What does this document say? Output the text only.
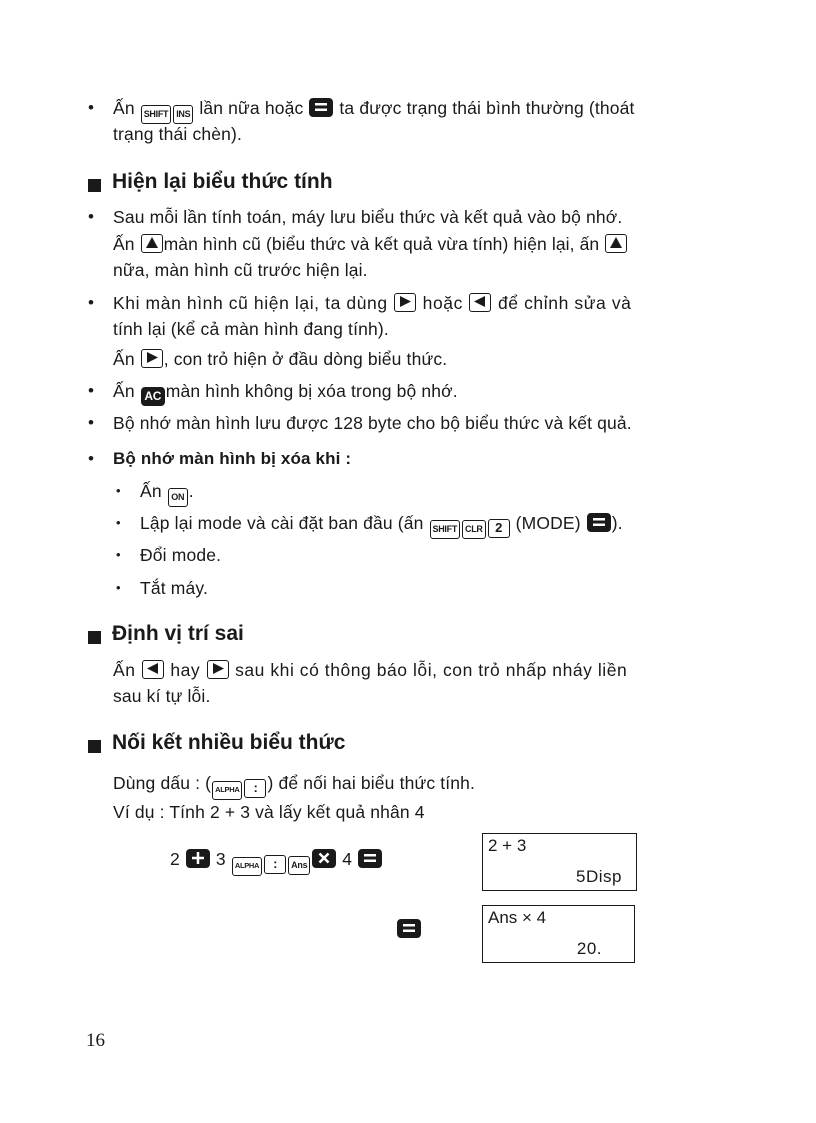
• Ấn SHIFT INS lần nữa hoặc ta được trạng thái bình thường (thoát
trạng thái chèn).
Hiện lại biểu thức tính
• Sau mỗi lần tính toán, máy lưu biểu thức và kết quả vào bộ nhớ.
Ấn màn hình cũ (biểu thức và kết quả vừa tính) hiện lại, ấn
nữa, màn hình cũ trước hiện lại.
• Khi màn hình cũ hiện lại, ta dùng hoặc để chỉnh sửa và
tính lại (kể cả màn hình đang tính).
Ấn , con trỏ hiện ở đầu dòng biểu thức.
• Ấn AC màn hình không bị xóa trong bộ nhớ.
• Bộ nhớ màn hình lưu được 128 byte cho bộ biểu thức và kết quả.
• Bộ nhớ màn hình bị xóa khi :
• Ấn ON .
• Lập lại mode và cài đặt ban đầu (ấn SHIFT CLR 2 (MODE) ).
• Đổi mode.
• Tắt máy.
Định vị trí sai
Ấn hay sau khi có thông báo lỗi, con trỏ nhấp nháy liền
sau kí tự lỗi.
Nối kết nhiều biểu thức
Dùng dấu : ( ALPHA : ) để nối hai biểu thức tính.
Ví dụ : Tính 2 + 3 và lấy kết quả nhân 4
2 3 ALPHA : Ans 4
2 + 3
5Disp
Ans × 4
20.
16
